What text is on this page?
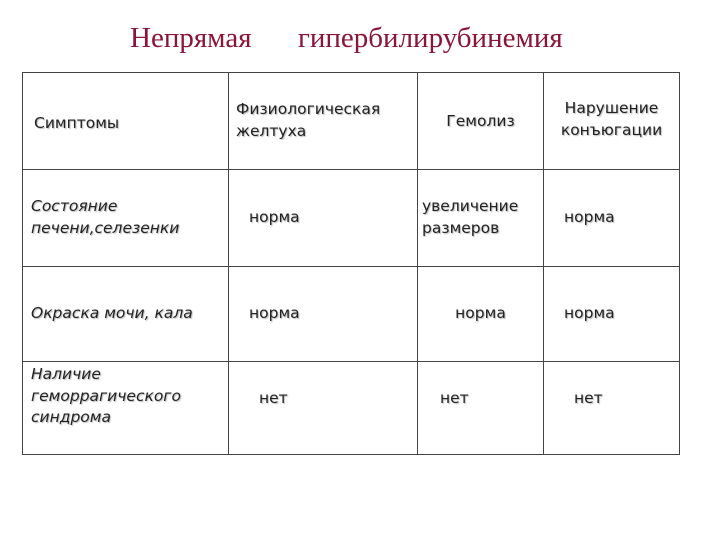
Непрямая гипербилирубинемия
Симптомы	Физиологическая желтуха	Гемолиз	Нарушение конъюгации
Состояние печени,селезенки	норма	увеличение размеров	норма
Окраска мочи, кала	норма	норма	норма
Наличие геморрагического синдрома	нет	нет	нет
